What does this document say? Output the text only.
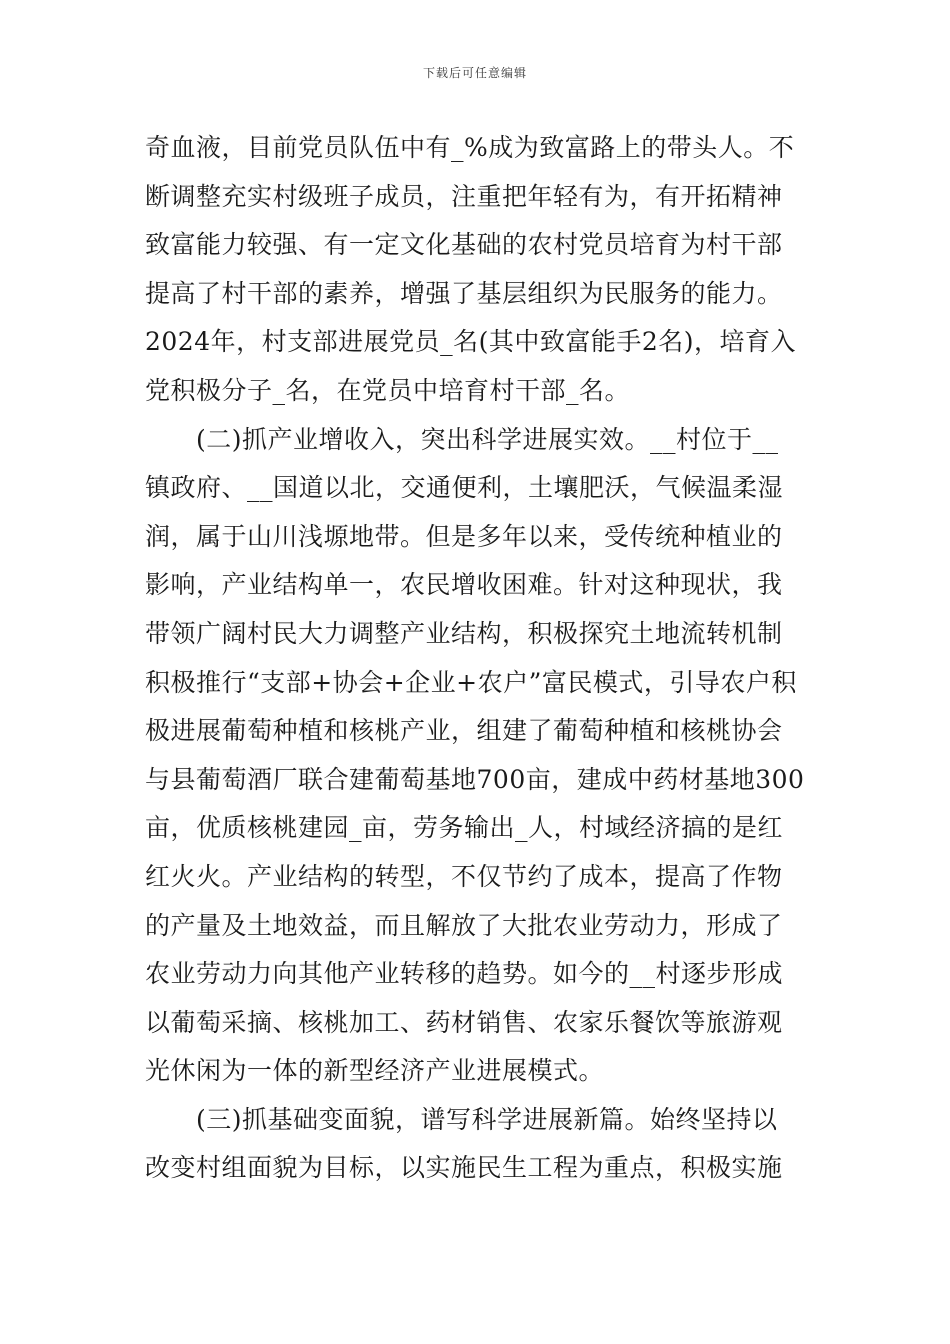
下载后可任意编辑
奇血液，目前党员队伍中有_%成为致富路上的带头人。不
断调整充实村级班子成员，注重把年轻有为，有开拓精神
致富能力较强、有一定文化基础的农村党员培育为村干部
提高了村干部的素养，增强了基层组织为民服务的能力。
2024年，村支部进展党员_名(其中致富能手2名)，培育入
党积极分子_名，在党员中培育村干部_名。
　　(二)抓产业增收入，突出科学进展实效。__村位于__
镇政府、__国道以北，交通便利，土壤肥沃，气候温柔湿
润，属于山川浅塬地带。但是多年以来，受传统种植业的
影响，产业结构单一，农民增收困难。针对这种现状，我
带领广阔村民大力调整产业结构，积极探究土地流转机制
积极推行“支部+协会+企业+农户”富民模式，引导农户积
极进展葡萄种植和核桃产业，组建了葡萄种植和核桃协会
与县葡萄酒厂联合建葡萄基地700亩，建成中药材基地300
亩，优质核桃建园_亩，劳务输出_人，村域经济搞的是红
红火火。产业结构的转型，不仅节约了成本，提高了作物
的产量及土地效益，而且解放了大批农业劳动力，形成了
农业劳动力向其他产业转移的趋势。如今的__村逐步形成
以葡萄采摘、核桃加工、药材销售、农家乐餐饮等旅游观
光休闲为一体的新型经济产业进展模式。
　　(三)抓基础变面貌，谱写科学进展新篇。始终坚持以
改变村组面貌为目标，以实施民生工程为重点，积极实施
